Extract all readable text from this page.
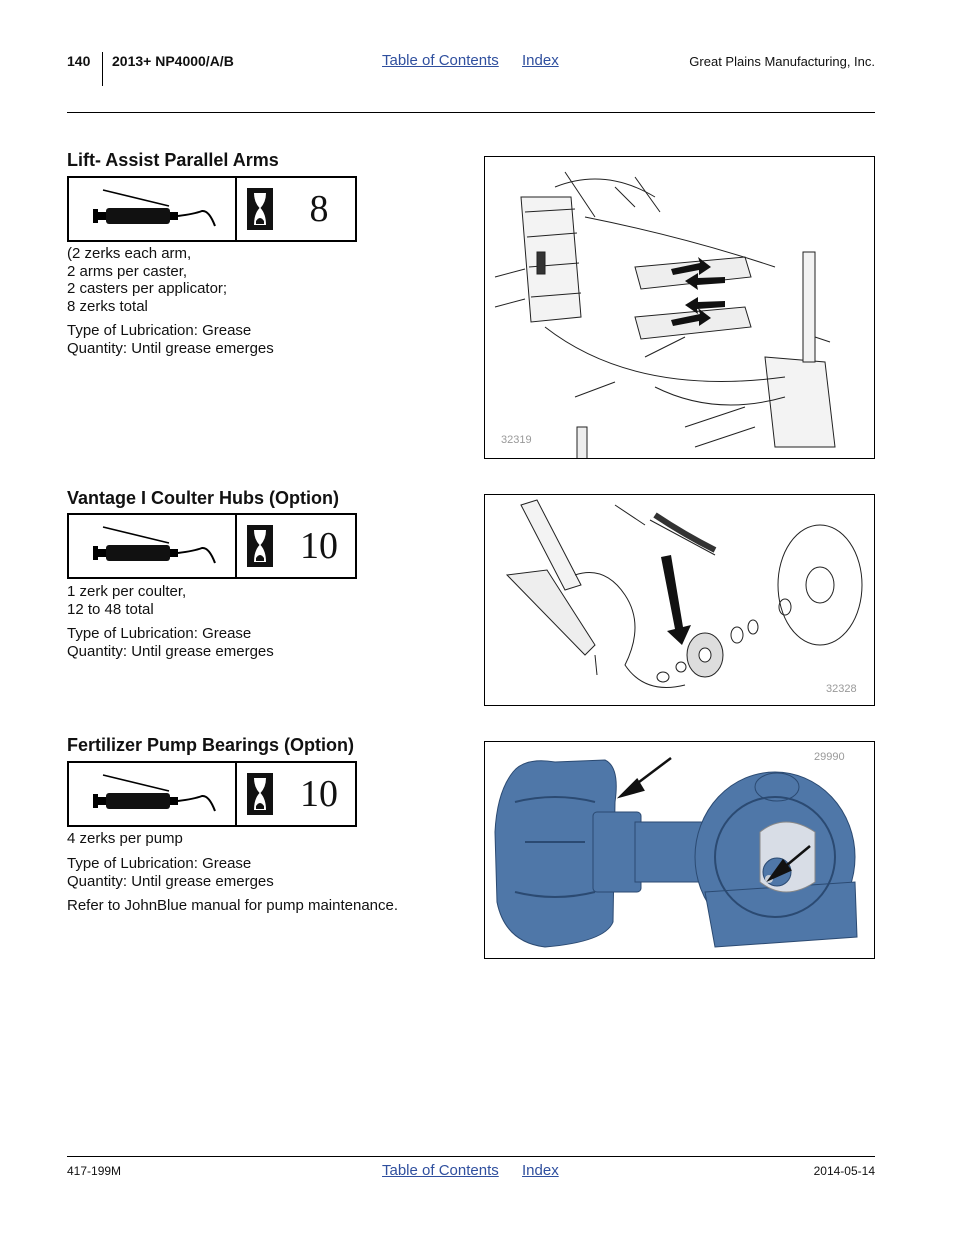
140 2013+ NP4000/A/B	Table of Contents Index	Great Plains Manufacturing, Inc.
Lift- Assist Parallel Arms
8
(2 zerks each arm,
2 arms per caster,
2 casters per applicator;
8 zerks total
Type of Lubrication: Grease
Quantity: Until grease emerges
32319
Vantage I Coulter Hubs (Option)
10
1 zerk per coulter,
12 to 48 total
Type of Lubrication: Grease
Quantity: Until grease emerges
32328
Fertilizer Pump Bearings (Option)
10
4 zerks per pump
Type of Lubrication: Grease
Quantity: Until grease emerges
Refer to JohnBlue manual for pump maintenance.
29990
417-199M	Table of Contents Index	2014-05-14
